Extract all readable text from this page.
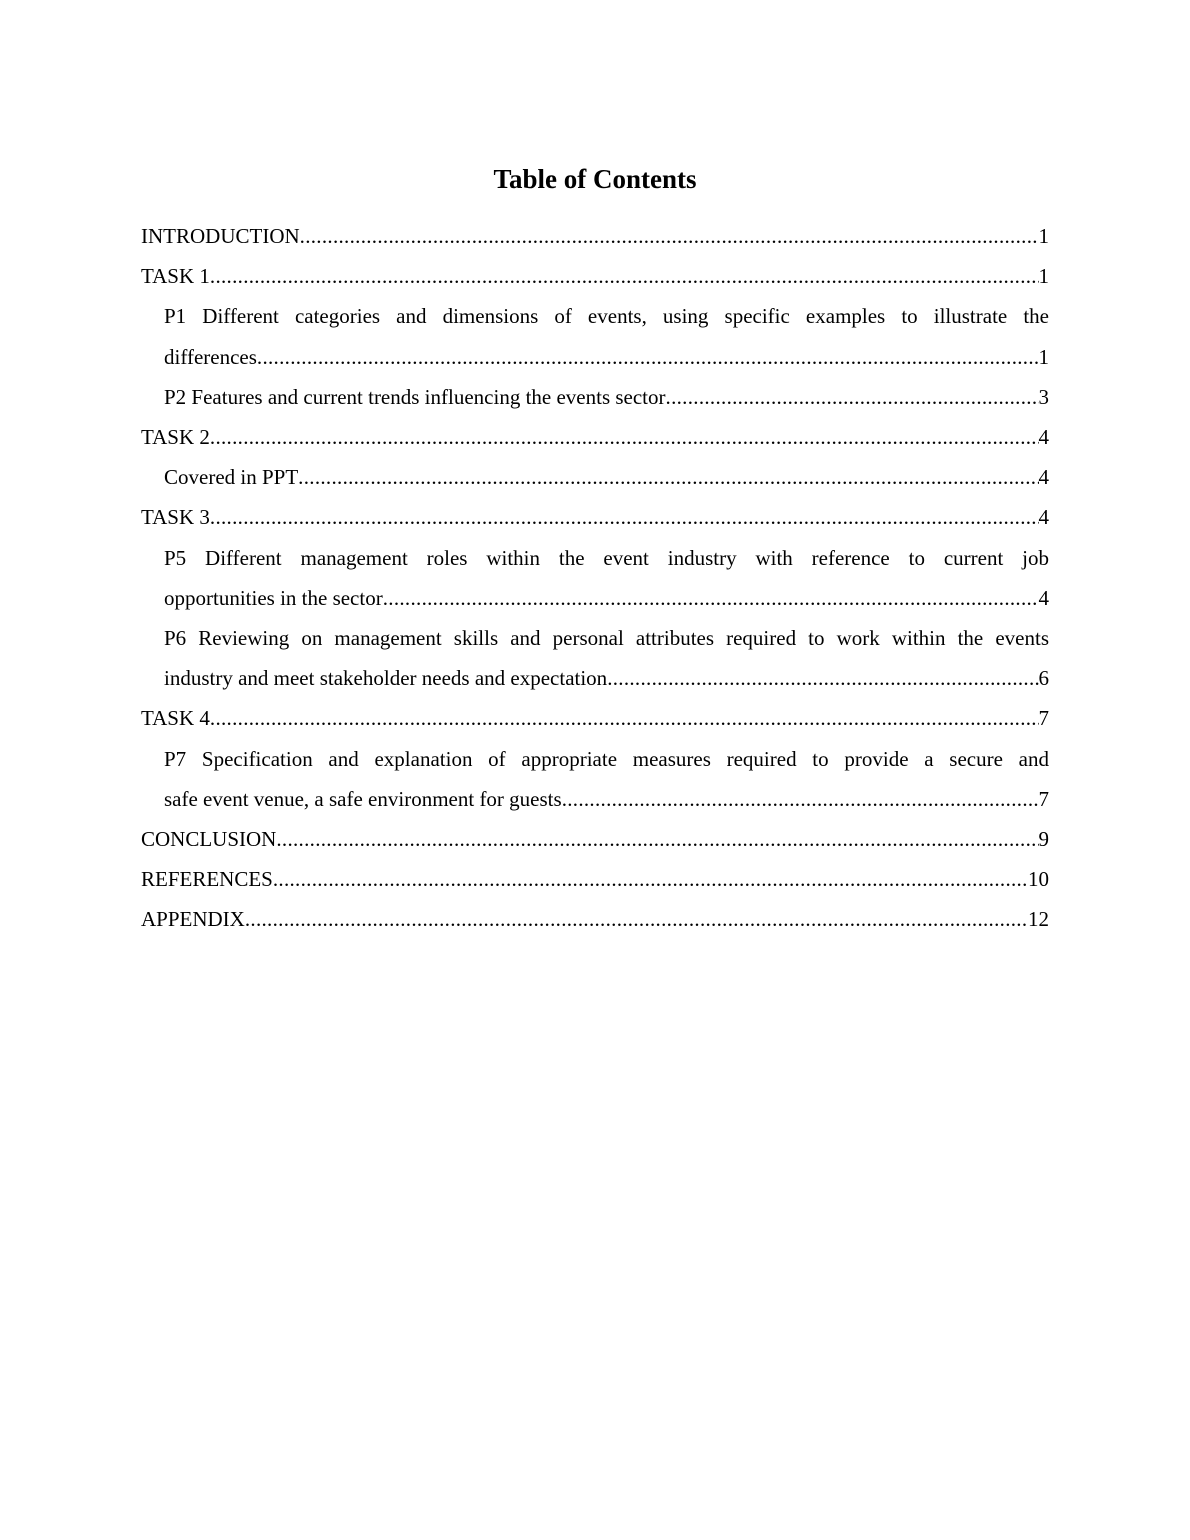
Table of Contents
INTRODUCTION .....	1
TASK 1 .....	1
P1 Different categories and dimensions of events, using specific examples to illustrate the
differences .....	1
P2 Features and current trends influencing the events sector .....	3
TASK 2 .....	4
Covered in PPT .....	4
TASK 3 .....	4
P5 Different management roles within the event industry with reference to current job
opportunities in the sector .....	4
P6 Reviewing on management skills and personal attributes required to work within the events
industry and meet stakeholder needs and expectation .....	6
TASK 4 .....	7
P7 Specification and explanation of appropriate measures required to provide a secure and
safe event venue, a safe environment for guests .....	7
CONCLUSION .....	9
REFERENCES .....	10
APPENDIX .....	12
